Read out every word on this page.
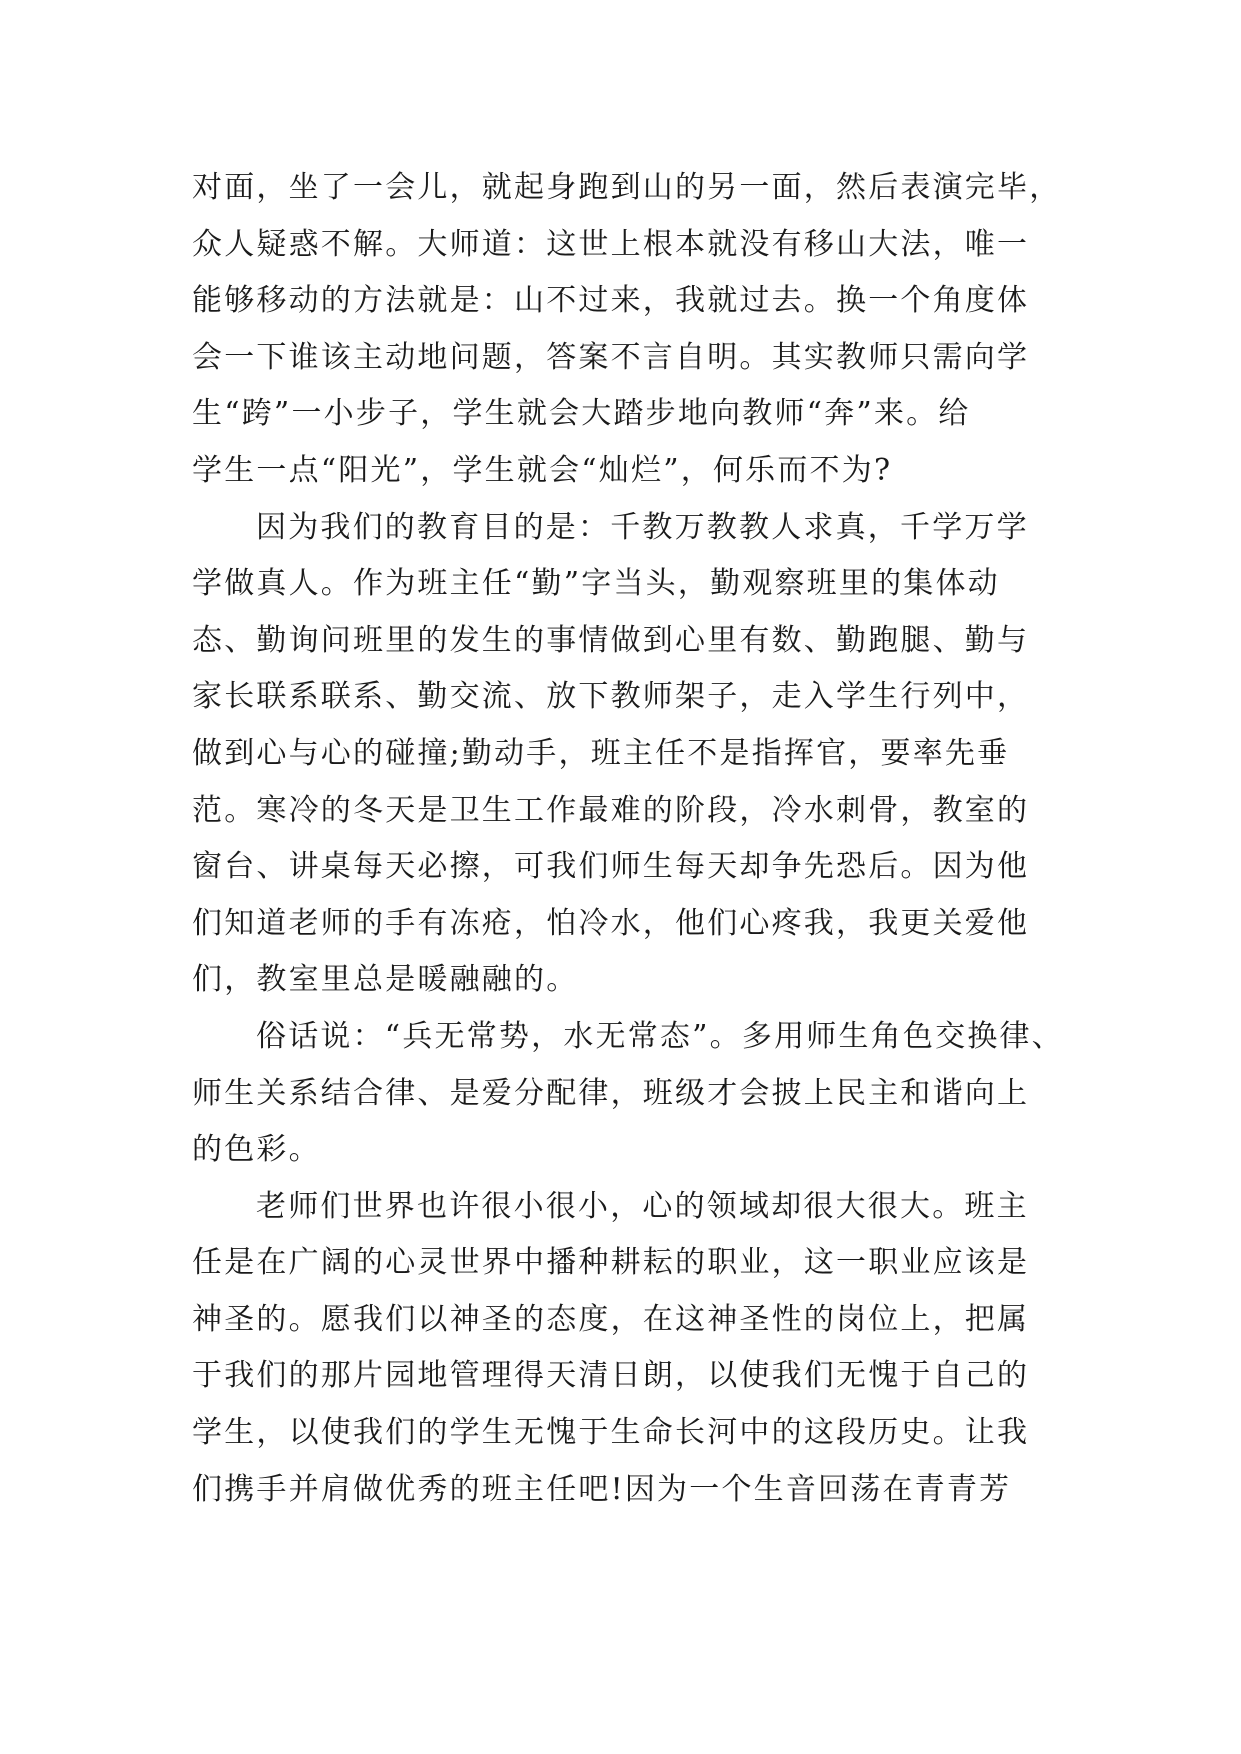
对面，坐了一会儿，就起身跑到山的另一面，然后表演完毕，
众人疑惑不解。大师道：这世上根本就没有移山大法，唯一
能够移动的方法就是：山不过来，我就过去。换一个角度体
会一下谁该主动地问题，答案不言自明。其实教师只需向学
生“跨”一小步子，学生就会大踏步地向教师“奔”来。给
学生一点“阳光”，学生就会“灿烂”，何乐而不为?
因为我们的教育目的是：千教万教教人求真，千学万学
学做真人。作为班主任“勤”字当头，勤观察班里的集体动
态、勤询问班里的发生的事情做到心里有数、勤跑腿、勤与
家长联系联系、勤交流、放下教师架子，走入学生行列中，
做到心与心的碰撞;勤动手，班主任不是指挥官，要率先垂
范。寒冷的冬天是卫生工作最难的阶段，冷水刺骨，教室的
窗台、讲桌每天必擦，可我们师生每天却争先恐后。因为他
们知道老师的手有冻疮，怕冷水，他们心疼我，我更关爱他
们，教室里总是暖融融的。
俗话说：“兵无常势，水无常态”。多用师生角色交换律、
师生关系结合律、是爱分配律，班级才会披上民主和谐向上
的色彩。
老师们世界也许很小很小，心的领域却很大很大。班主
任是在广阔的心灵世界中播种耕耘的职业，这一职业应该是
神圣的。愿我们以神圣的态度，在这神圣性的岗位上，把属
于我们的那片园地管理得天清日朗，以使我们无愧于自己的
学生，以使我们的学生无愧于生命长河中的这段历史。让我
们携手并肩做优秀的班主任吧!因为一个生音回荡在青青芳
